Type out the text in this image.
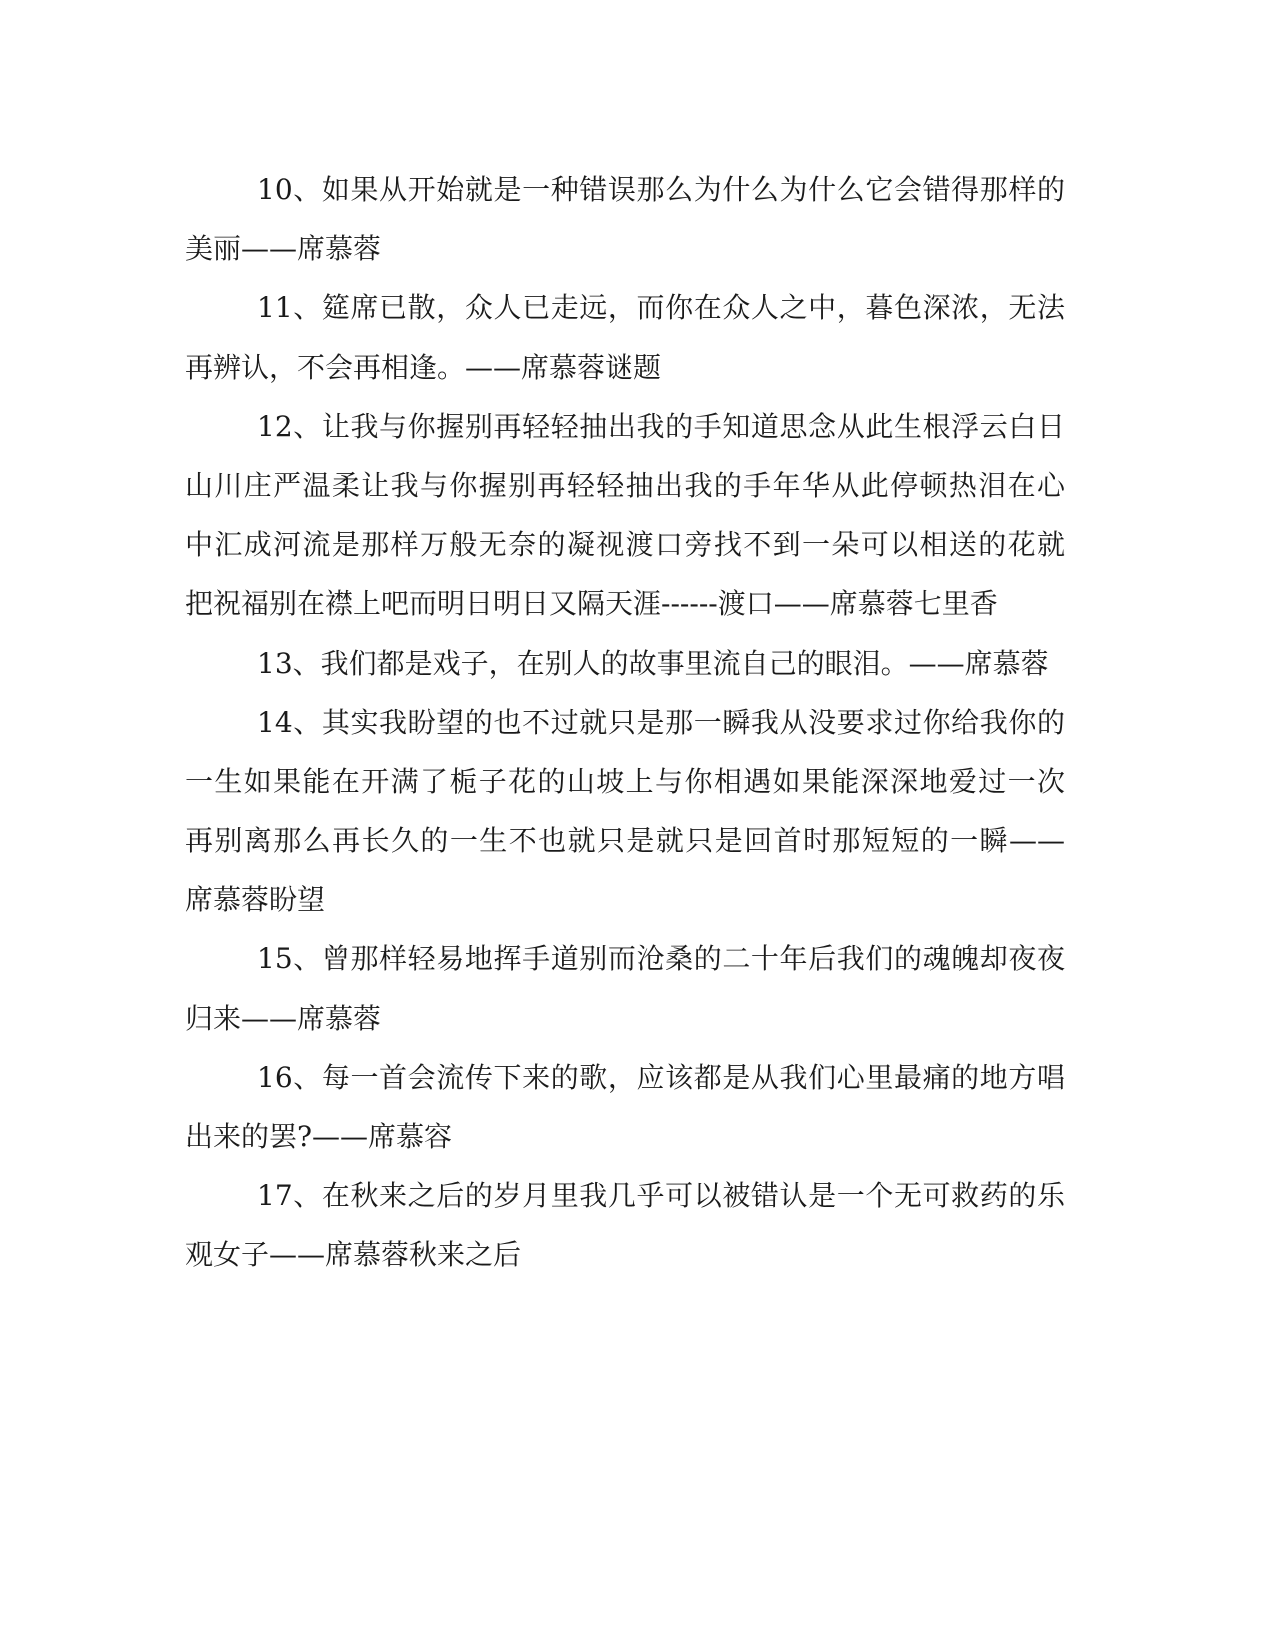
10、如果从开始就是一种错误那么为什么为什么它会错得那样的
美丽——席慕蓉
11、筵席已散，众人已走远，而你在众人之中，暮色深浓，无法
再辨认，不会再相逢。——席慕蓉谜题
12、让我与你握别再轻轻抽出我的手知道思念从此生根浮云白日
山川庄严温柔让我与你握别再轻轻抽出我的手年华从此停顿热泪在心
中汇成河流是那样万般无奈的凝视渡口旁找不到一朵可以相送的花就
把祝福别在襟上吧而明日明日又隔天涯------渡口——席慕蓉七里香
13、我们都是戏子，在别人的故事里流自己的眼泪。——席慕蓉
14、其实我盼望的也不过就只是那一瞬我从没要求过你给我你的
一生如果能在开满了栀子花的山坡上与你相遇如果能深深地爱过一次
再别离那么再长久的一生不也就只是就只是回首时那短短的一瞬——
席慕蓉盼望
15、曾那样轻易地挥手道别而沧桑的二十年后我们的魂魄却夜夜
归来——席慕蓉
16、每一首会流传下来的歌，应该都是从我们心里最痛的地方唱
出来的罢?——席慕容
17、在秋来之后的岁月里我几乎可以被错认是一个无可救药的乐
观女子——席慕蓉秋来之后
